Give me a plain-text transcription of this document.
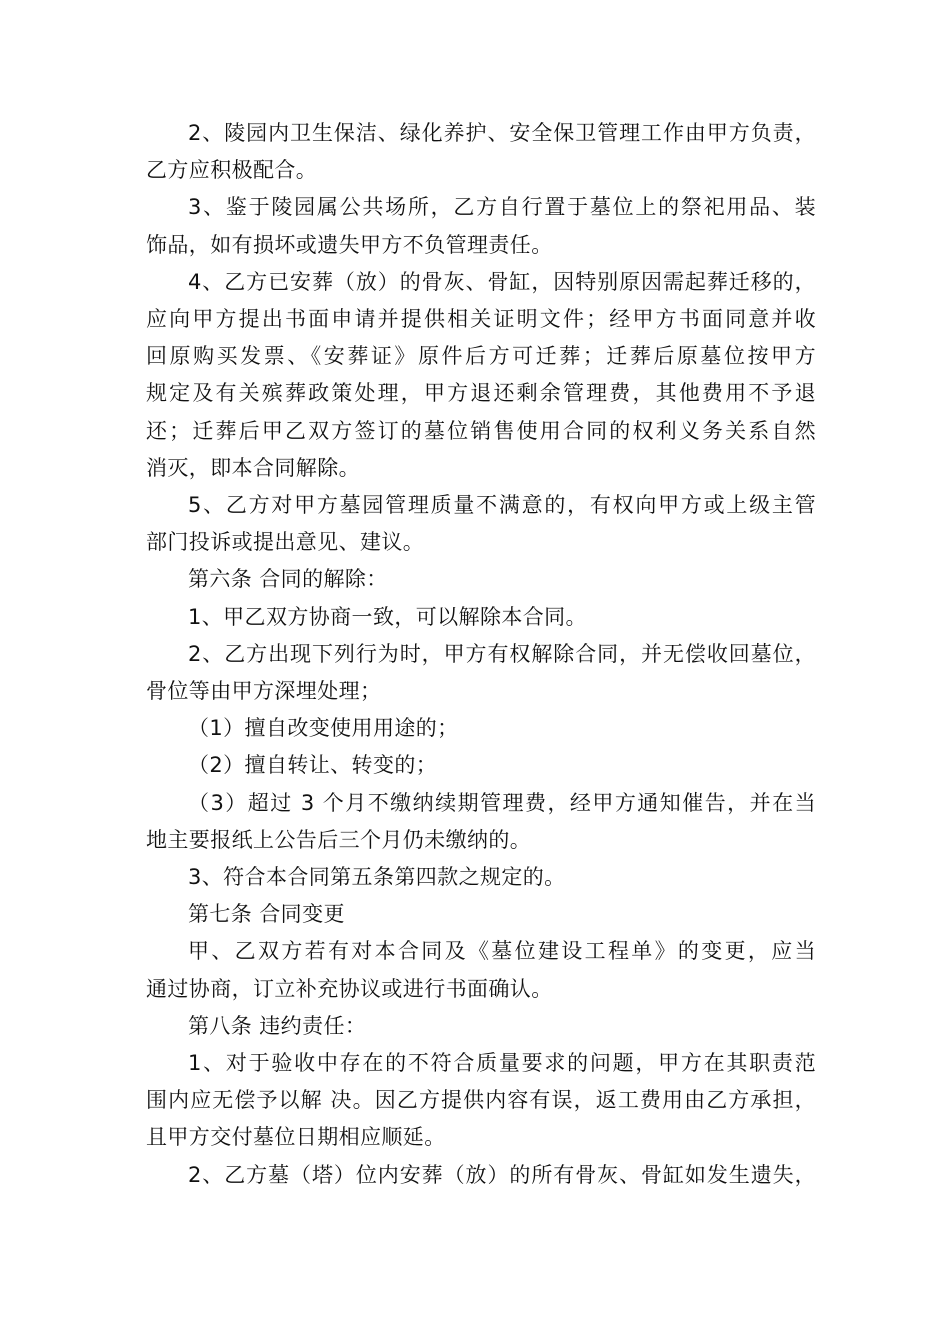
2、陵园内卫生保洁、绿化养护、安全保卫管理工作由甲方负责，
乙方应积极配合。

3、鉴于陵园属公共场所，乙方自行置于墓位上的祭祀用品、装
饰品，如有损坏或遗失甲方不负管理责任。

4、乙方已安葬（放）的骨灰、骨缸，因特别原因需起葬迁移的，
应向甲方提出书面申请并提供相关证明文件；经甲方书面同意并收
回原购买发票、《安葬证》原件后方可迁葬；迁葬后原墓位按甲方
规定及有关殡葬政策处理，甲方退还剩余管理费，其他费用不予退
还；迁葬后甲乙双方签订的墓位销售使用合同的权利义务关系自然
消灭，即本合同解除。

5、乙方对甲方墓园管理质量不满意的，有权向甲方或上级主管
部门投诉或提出意见、建议。

第六条 合同的解除：

1、甲乙双方协商一致，可以解除本合同。

2、乙方出现下列行为时，甲方有权解除合同，并无偿收回墓位，
骨位等由甲方深埋处理；

（1）擅自改变使用用途的；

（2）擅自转让、转变的；

（3）超过 3 个月不缴纳续期管理费，经甲方通知催告，并在当
地主要报纸上公告后三个月仍未缴纳的。

3、符合本合同第五条第四款之规定的。

第七条 合同变更

甲、乙双方若有对本合同及《墓位建设工程单》的变更，应当
通过协商，订立补充协议或进行书面确认。

第八条 违约责任：

1、对于验收中存在的不符合质量要求的问题，甲方在其职责范
围内应无偿予以解 决。因乙方提供内容有误，返工费用由乙方承担，
且甲方交付墓位日期相应顺延。

2、乙方墓（塔）位内安葬（放）的所有骨灰、骨缸如发生遗失，
